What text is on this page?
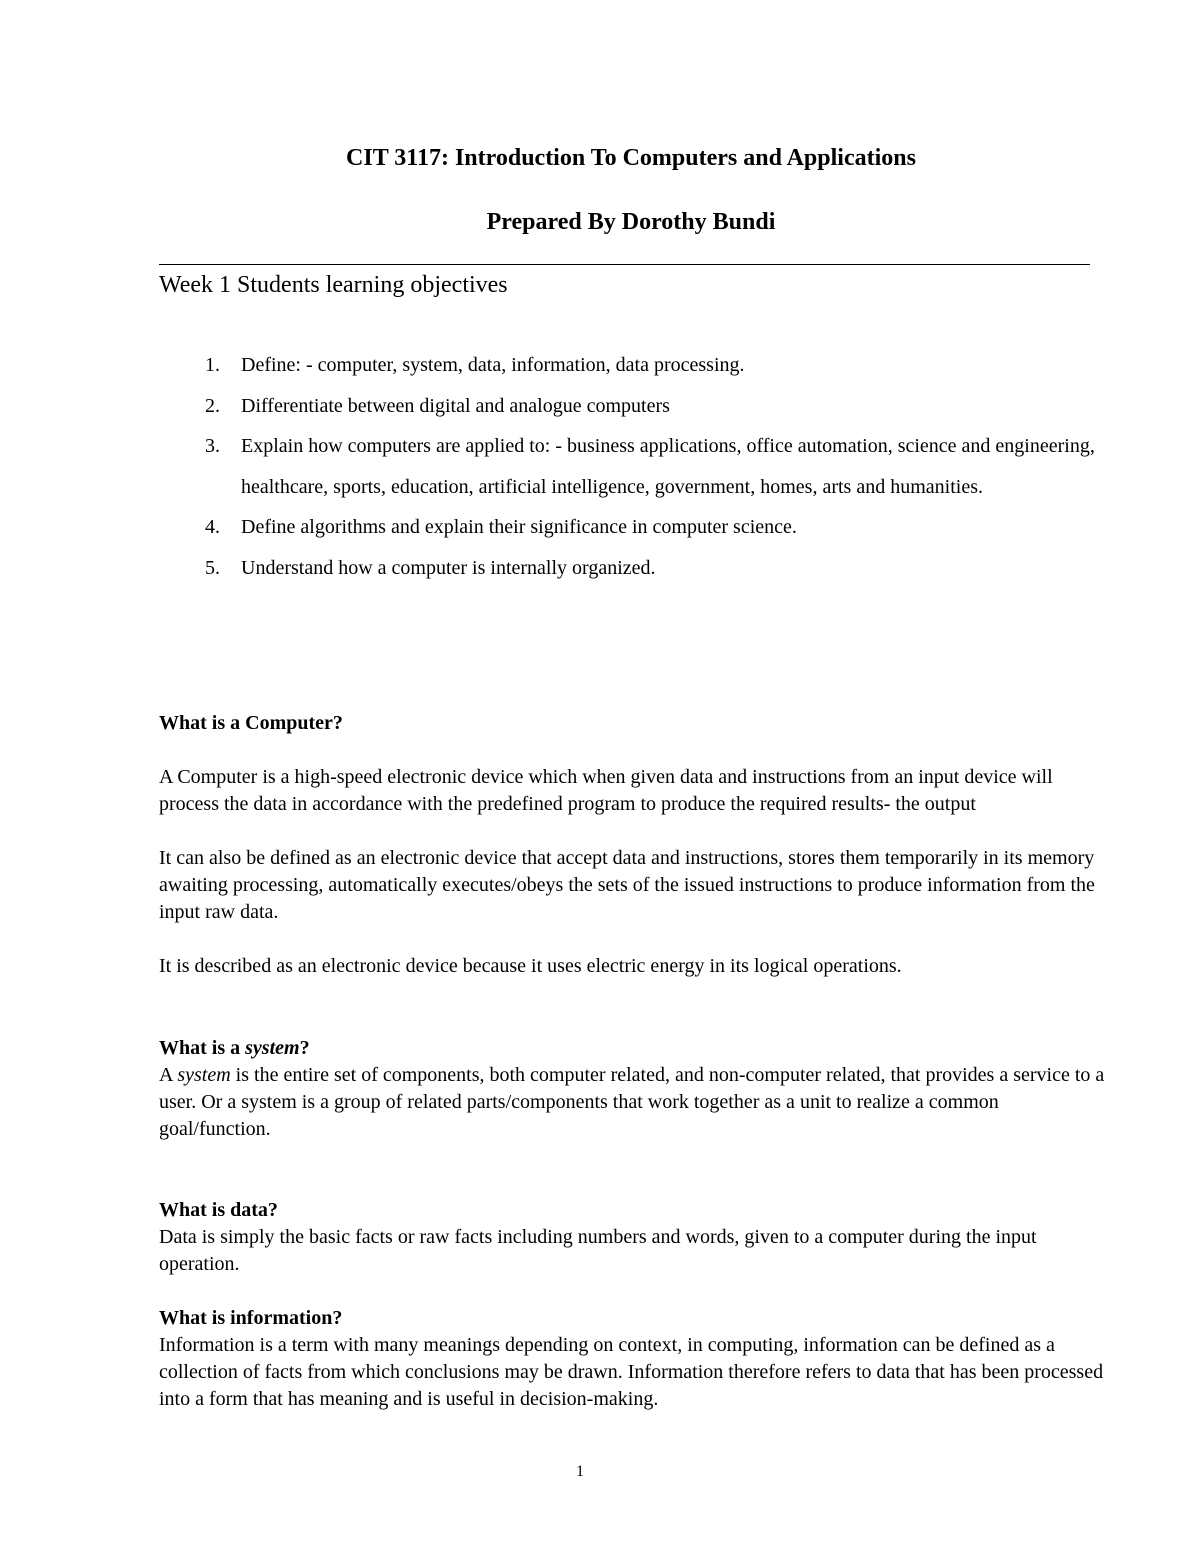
CIT 3117: Introduction To Computers and Applications
Prepared By Dorothy Bundi
Week 1 Students learning objectives
1. Define: - computer, system, data, information, data processing.
2. Differentiate between digital and analogue computers
3. Explain how computers are applied to: - business applications, office automation, science and engineering, healthcare, sports, education, artificial intelligence, government, homes, arts and humanities.
4. Define algorithms and explain their significance in computer science.
5. Understand how a computer is internally organized.

What is a Computer?

A Computer is a high-speed electronic device which when given data and instructions from an input device will process the data in accordance with the predefined program to produce the required results- the output

It can also be defined as an electronic device that accept data and instructions, stores them temporarily in its memory awaiting processing, automatically executes/obeys the sets of the issued instructions to produce information from the input raw data.

It is described as an electronic device because it uses electric energy in its logical operations.

What is a system?

A system is the entire set of components, both computer related, and non-computer related, that provides a service to a user. Or a system is a group of related parts/components that work together as a unit to realize a common goal/function.

What is data?

Data is simply the basic facts or raw facts including numbers and words, given to a computer during the input operation.

What is information?

Information is a term with many meanings depending on context, in computing, information can be defined as a collection of facts from which conclusions may be drawn. Information therefore refers to data that has been processed into a form that has meaning and is useful in decision-making.

1
